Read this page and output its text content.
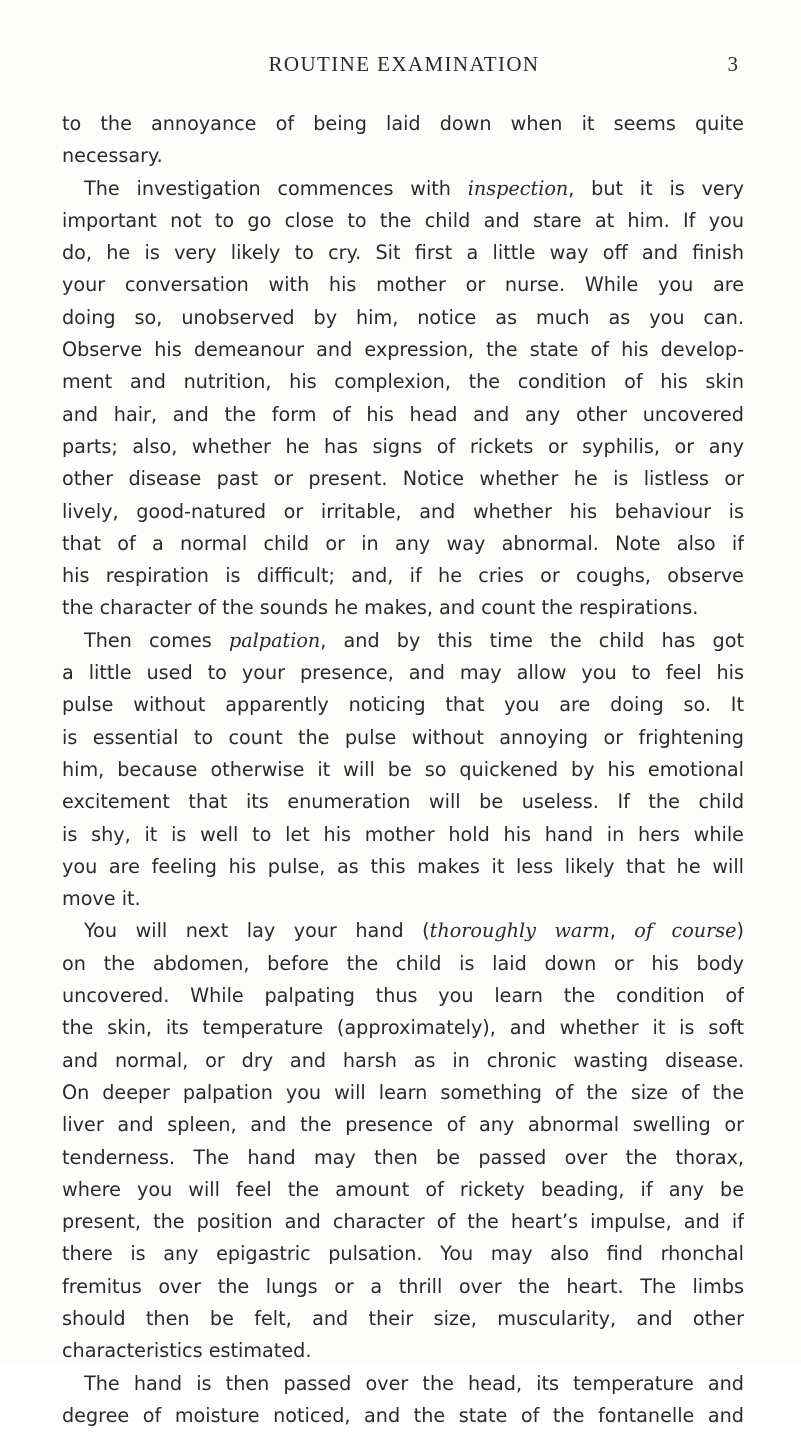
ROUTINE EXAMINATION	3
to the annoyance of being laid down when it seems quite
necessary.
The investigation commences with inspection, but it is very
important not to go close to the child and stare at him. If you
do, he is very likely to cry. Sit first a little way off and finish
your conversation with his mother or nurse. While you are
doing so, unobserved by him, notice as much as you can.
Observe his demeanour and expression, the state of his develop-
ment and nutrition, his complexion, the condition of his skin
and hair, and the form of his head and any other uncovered
parts; also, whether he has signs of rickets or syphilis, or any
other disease past or present. Notice whether he is listless or
lively, good-natured or irritable, and whether his behaviour is
that of a normal child or in any way abnormal. Note also if
his respiration is difficult; and, if he cries or coughs, observe
the character of the sounds he makes, and count the respirations.
Then comes palpation, and by this time the child has got
a little used to your presence, and may allow you to feel his
pulse without apparently noticing that you are doing so. It
is essential to count the pulse without annoying or frightening
him, because otherwise it will be so quickened by his emotional
excitement that its enumeration will be useless. If the child
is shy, it is well to let his mother hold his hand in hers while
you are feeling his pulse, as this makes it less likely that he will
move it.
You will next lay your hand (thoroughly warm, of course)
on the abdomen, before the child is laid down or his body
uncovered. While palpating thus you learn the condition of
the skin, its temperature (approximately), and whether it is soft
and normal, or dry and harsh as in chronic wasting disease.
On deeper palpation you will learn something of the size of the
liver and spleen, and the presence of any abnormal swelling or
tenderness. The hand may then be passed over the thorax,
where you will feel the amount of rickety beading, if any be
present, the position and character of the heart’s impulse, and if
there is any epigastric pulsation. You may also find rhonchal
fremitus over the lungs or a thrill over the heart. The limbs
should then be felt, and their size, muscularity, and other
characteristics estimated.
The hand is then passed over the head, its temperature and
degree of moisture noticed, and the state of the fontanelle and
